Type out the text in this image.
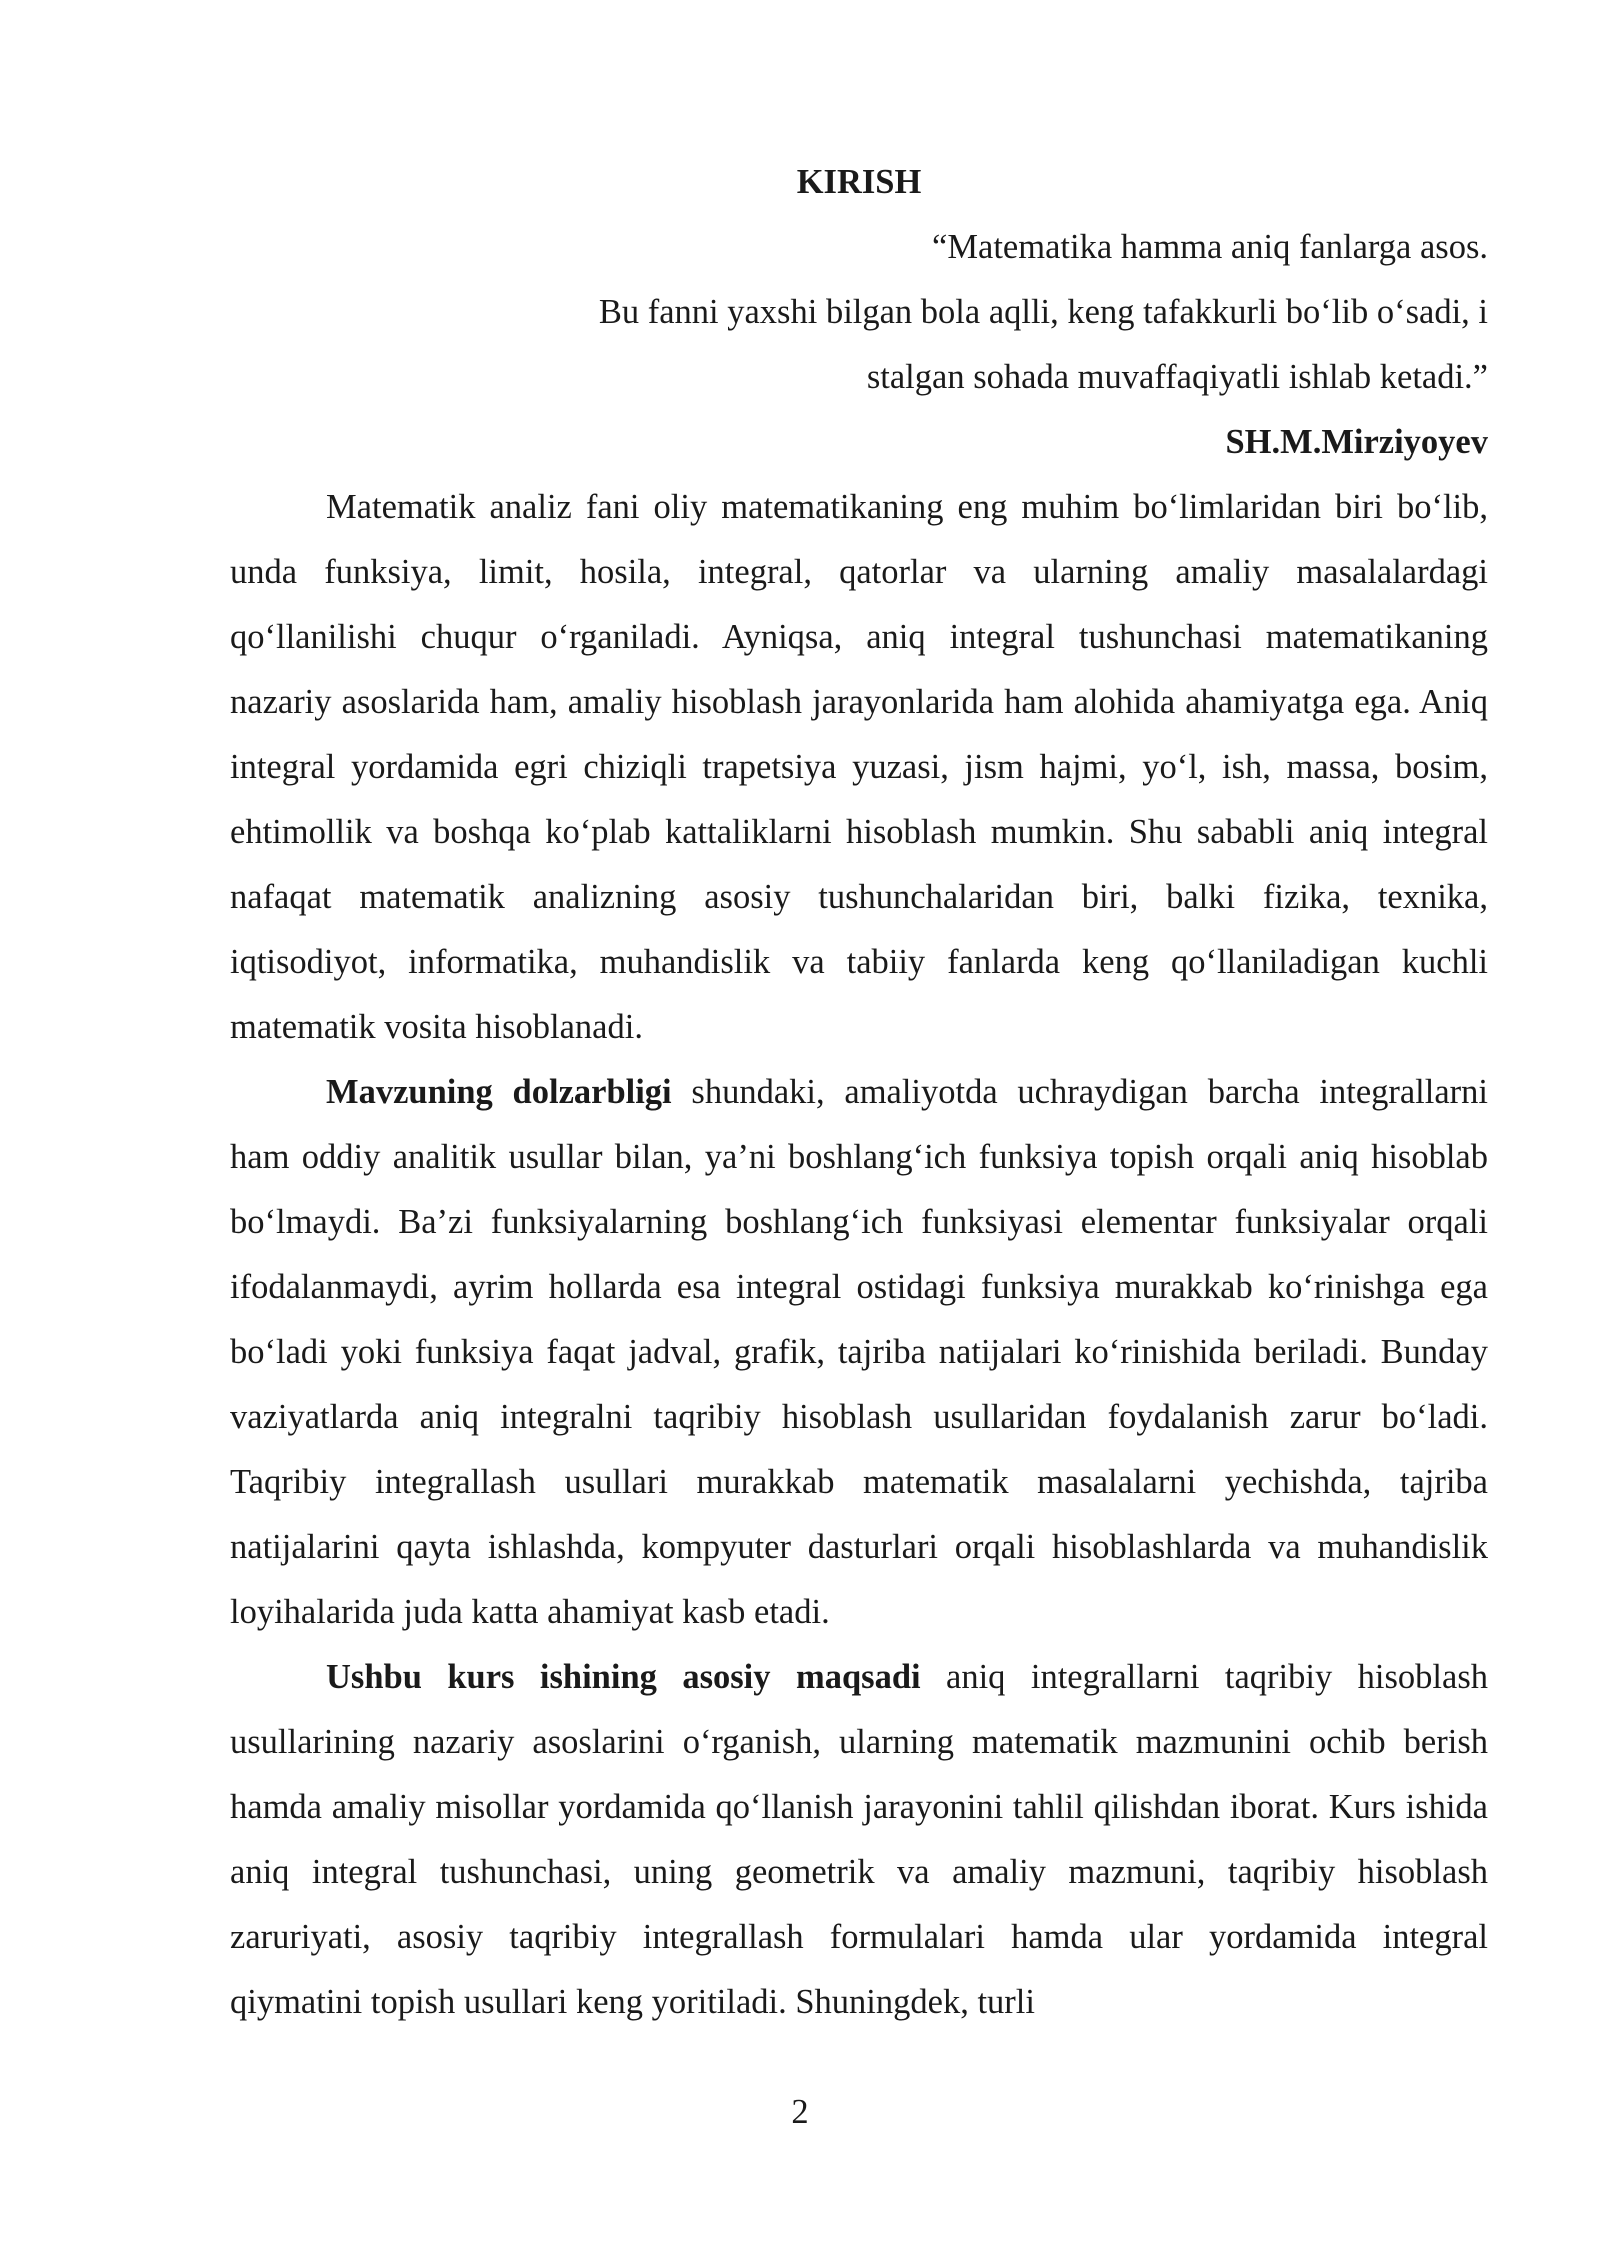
KIRISH

“Matematika hamma aniq fanlarga asos.

Bu fanni yaxshi bilgan bola aqlli, keng tafakkurli bo‘lib o‘sadi, i

stalgan sohada muvaffaqiyatli ishlab ketadi.”

SH.M.Mirziyoyev

Matematik analiz fani oliy matematikaning eng muhim bo‘limlaridan biri bo‘lib, unda funksiya, limit, hosila, integral, qatorlar va ularning amaliy masalalardagi qo‘llanilishi chuqur o‘rganiladi. Ayniqsa, aniq integral tushunchasi matematikaning nazariy asoslarida ham, amaliy hisoblash jarayonlarida ham alohida ahamiyatga ega. Aniq integral yordamida egri chiziqli trapetsiya yuzasi, jism hajmi, yo‘l, ish, massa, bosim, ehtimollik va boshqa ko‘plab kattaliklarni hisoblash mumkin. Shu sababli aniq integral nafaqat matematik analizning asosiy tushunchalaridan biri, balki fizika, texnika, iqtisodiyot, informatika, muhandislik va tabiiy fanlarda keng qo‘llaniladigan kuchli matematik vosita hisoblanadi.

Mavzuning dolzarbligi shundaki, amaliyotda uchraydigan barcha integrallarni ham oddiy analitik usullar bilan, ya’ni boshlang‘ich funksiya topish orqali aniq hisoblab bo‘lmaydi. Ba’zi funksiyalarning boshlang‘ich funksiyasi elementar funksiyalar orqali ifodalanmaydi, ayrim hollarda esa integral ostidagi funksiya murakkab ko‘rinishga ega bo‘ladi yoki funksiya faqat jadval, grafik, tajriba natijalari ko‘rinishida beriladi. Bunday vaziyatlarda aniq integralni taqribiy hisoblash usullaridan foydalanish zarur bo‘ladi. Taqribiy integrallash usullari murakkab matematik masalalarni yechishda, tajriba natijalarini qayta ishlashda, kompyuter dasturlari orqali hisoblashlarda va muhandislik loyihalarida juda katta ahamiyat kasb etadi.

Ushbu kurs ishining asosiy maqsadi aniq integrallarni taqribiy hisoblash usullarining nazariy asoslarini o‘rganish, ularning matematik mazmunini ochib berish hamda amaliy misollar yordamida qo‘llanish jarayonini tahlil qilishdan iborat. Kurs ishida aniq integral tushunchasi, uning geometrik va amaliy mazmuni, taqribiy hisoblash zaruriyati, asosiy taqribiy integrallash formulalari hamda ular yordamida integral qiymatini topish usullari keng yoritiladi. Shuningdek, turli

2
